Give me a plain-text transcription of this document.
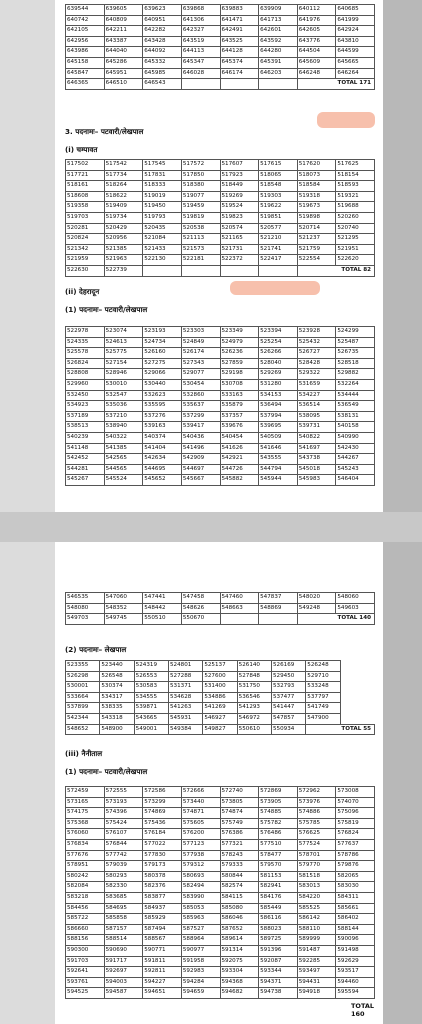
639544	639605	639623	639868	639883	639909	640112	640685
640742	640809	640951	641306	641471	641713	641976	641999
642105	642211	642282	642327	642491	642601	642605	642924
642956	643387	643428	643519	643525	643592	643776	643810
643986	644040	644092	644113	644128	644280	644504	644599
645158	645286	645332	645347	645374	645391	645609	645665
645847	645951	645985	646028	646174	646203	646248	646264
646365	646510	646543				TOTAL 171	
3. पदनामः– पटवारी/लेखपाल
(i) चम्पावत
517502	517542	517545	517572	517607	517615	517620	517625
517721	517734	517831	517850	517923	518065	518073	518154
518161	518264	518333	518380	518449	518548	518584	518593
518608	518622	519019	519077	519269	519303	519318	519321
519358	519409	519450	519459	519524	519622	519673	519688
519703	519734	519793	519819	519823	519851	519898	520260
520281	520429	520435	520538	520574	520577	520714	520740
520824	520956	521084	521113	521165	521210	521237	521295
521342	521385	521433	521573	521731	521741	521759	521951
521959	521963	522130	522181	522372	522417	522554	522620
522630	522739					TOTAL 82	
(ii) देहरादून
(1) पदनामः– पटवारी/लेखपाल
522978	523074	523193	523303	523349	523394	523928	524299
524335	524613	524734	524849	524979	525254	525432	525487
525578	525775	526160	526174	526236	526266	526727	526735
526824	527154	527275	527343	527859	528040	528428	528518
528808	528946	529066	529077	529198	529269	529322	529882
529960	530010	530440	530454	530708	531280	531659	532264
532450	532547	532623	532860	533163	534153	534227	534444
534923	535036	535595	535637	535879	536494	536514	536549
537189	537210	537276	537299	537357	537994	538095	538131
538513	538940	539163	539417	539676	539695	539731	540158
540239	540322	540374	540436	540454	540509	540822	540990
541148	541385	541404	541496	541626	541646	541697	542430
542452	542565	542634	542909	542921	543555	543738	544267
544281	544565	544695	544697	544726	544794	545018	545243
545267	545524	545652	545667	545882	545944	545983	546404
546535	547060	547441	547458	547460	547837	548020	548060
548080	548352	548442	548626	548663	548869	549248	549603
549703	549745	550510	550670			TOTAL 140	
(2) पदनामः– लेखपाल
523355	523440	524319	524801	525137	526140	526169	526248
526298	526548	526553	527288	527600	527848	529450	529710
530001	530374	530583	531371	531400	531750	532793	533248
533664	534317	534555	534628	534886	536546	537477	537797
537899	538335	539871	541263	541269	541293	541447	541749
542344	543318	543665	545931	546927	546972	547857	547900
548652	548900	549001	549384	549827	550610	550934	TOTAL 55
(iii) नैनीताल
(1) पदनामः– पटवारी/लेखपाल
572459	572555	572586	572666	572740	572869	572962	573008
573165	573193	573299	573440	573805	573905	573976	574070
574175	574396	574869	574871	574874	574885	574886	575096
575368	575424	575436	575605	575749	575782	575785	575819
576060	576107	576184	576200	576386	576486	576625	576824
576834	576844	577022	577123	577321	577510	577524	577637
577676	577742	577830	577938	578243	578477	578701	578786
578951	579039	579173	579312	579333	579570	579770	579876
580242	580293	580378	580693	580844	581153	581518	582065
582084	582330	582376	582494	582574	582941	583013	583030
583218	583685	583877	583990	584115	584176	584220	584311
584456	584695	584937	585053	585080	585449	585525	585661
585722	585858	585929	585963	586046	586116	586142	586402
586660	587157	587494	587527	587652	588023	588110	588144
588156	588514	588567	588964	589614	589725	589999	590096
590300	590690	590771	590977	591314	591396	591487	591498
591703	591717	591811	591958	592075	592087	592285	592629
592641	592697	592811	592983	593304	593344	593497	593517
593761	594003	594227	594284	594368	594371	594431	594460
594525	594587	594651	594659	594682	594738	594918	595594
TOTAL 160
